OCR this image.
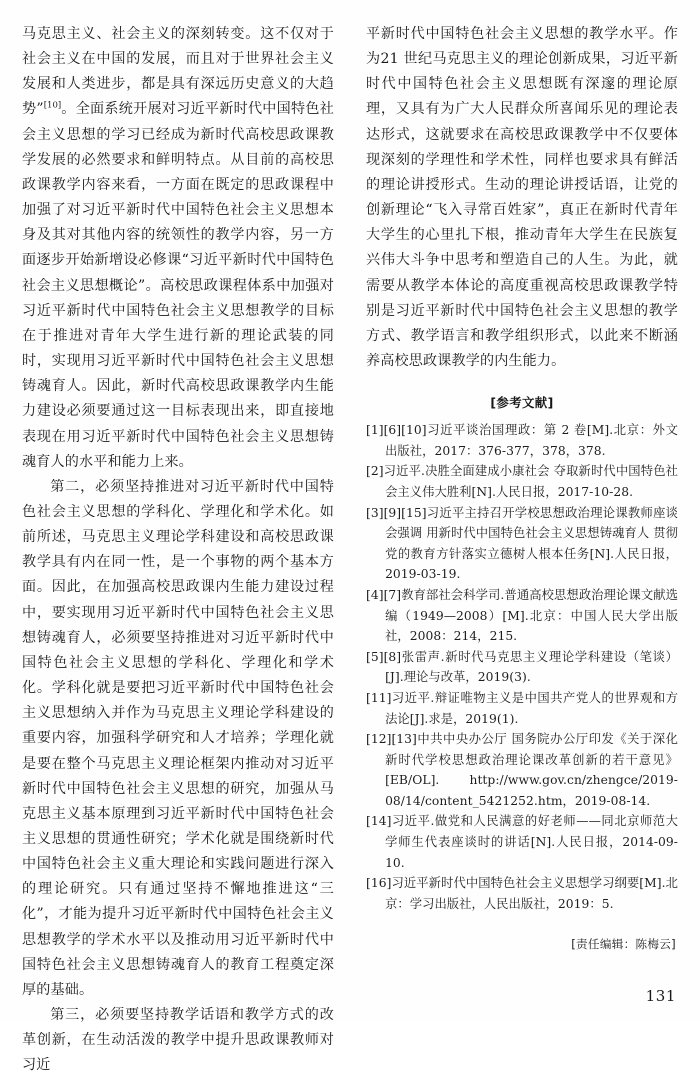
马克思主义、社会主义的深刻转变。这不仅对于社会主义在中国的发展，而且对于世界社会主义发展和人类进步，都是具有深远历史意义的大趋势”[10]。全面系统开展对习近平新时代中国特色社会主义思想的学习已经成为新时代高校思政课教学发展的必然要求和鲜明特点。从目前的高校思政课教学内容来看，一方面在既定的思政课程中加强了对习近平新时代中国特色社会主义思想本身及其对其他内容的统领性的教学内容，另一方面逐步开始新增设必修课“习近平新时代中国特色社会主义思想概论”。高校思政课程体系中加强对习近平新时代中国特色社会主义思想教学的目标在于推进对青年大学生进行新的理论武装的同时，实现用习近平新时代中国特色社会主义思想铸魂育人。因此，新时代高校思政课教学内生能力建设必须要通过这一目标表现出来，即直接地表现在用习近平新时代中国特色社会主义思想铸魂育人的水平和能力上来。

第二，必须坚持推进对习近平新时代中国特色社会主义思想的学科化、学理化和学术化。如前所述，马克思主义理论学科建设和高校思政课教学具有内在同一性，是一个事物的两个基本方面。因此，在加强高校思政课内生能力建设过程中，要实现用习近平新时代中国特色社会主义思想铸魂育人，必须要坚持推进对习近平新时代中国特色社会主义思想的学科化、学理化和学术化。学科化就是要把习近平新时代中国特色社会主义思想纳入并作为马克思主义理论学科建设的重要内容，加强科学研究和人才培养；学理化就是要在整个马克思主义理论框架内推动对习近平新时代中国特色社会主义思想的研究，加强从马克思主义基本原理到习近平新时代中国特色社会主义思想的贯通性研究；学术化就是围绕新时代中国特色社会主义重大理论和实践问题进行深入的理论研究。只有通过坚持不懈地推进这“三化”，才能为提升习近平新时代中国特色社会主义思想教学的学术水平以及推动用习近平新时代中国特色社会主义思想铸魂育人的教育工程奠定深厚的基础。

第三，必须要坚持教学话语和教学方式的改革创新，在生动活泼的教学中提升思政课教师对习近

平新时代中国特色社会主义思想的教学水平。作为21 世纪马克思主义的理论创新成果，习近平新时代中国特色社会主义思想既有深邃的理论原理，又具有为广大人民群众所喜闻乐见的理论表达形式，这就要求在高校思政课教学中不仅要体现深刻的学理性和学术性，同样也要求具有鲜活的理论讲授形式。生动的理论讲授话语，让党的创新理论“飞入寻常百姓家”，真正在新时代青年大学生的心里扎下根，推动青年大学生在民族复兴伟大斗争中思考和塑造自己的人生。为此，就需要从教学本体论的高度重视高校思政课教学特别是习近平新时代中国特色社会主义思想的教学方式、教学语言和教学组织形式，以此来不断涵养高校思政课教学的内生能力。

[参考文献]
[1][6][10]习近平谈治国理政：第 2 卷[M].北京：外文出版社，2017：376-377，378，378.
[2]习近平.决胜全面建成小康社会 夺取新时代中国特色社会主义伟大胜利[N].人民日报，2017-10-28.
[3][9][15]习近平主持召开学校思想政治理论课教师座谈会强调 用新时代中国特色社会主义思想铸魂育人 贯彻党的教育方针落实立德树人根本任务[N].人民日报，2019-03-19.
[4][7]教育部社会科学司.普通高校思想政治理论课文献选编（1949—2008）[M].北京：中国人民大学出版社，2008：214，215.
[5][8]张雷声.新时代马克思主义理论学科建设（笔谈）[J].理论与改革，2019(3).
[11]习近平.辩证唯物主义是中国共产党人的世界观和方法论[J].求是，2019(1).
[12][13]中共中央办公厅 国务院办公厅印发《关于深化新时代学校思想政治理论课改革创新的若干意见》[EB/OL]. http://www.gov.cn/zhengce/2019-08/14/content_5421252.htm，2019-08-14.
[14]习近平.做党和人民满意的好老师——同北京师范大学师生代表座谈时的讲话[N].人民日报，2014-09-10.
[16]习近平新时代中国特色社会主义思想学习纲要[M].北京：学习出版社，人民出版社，2019：5.
[责任编辑：陈梅云]
131
